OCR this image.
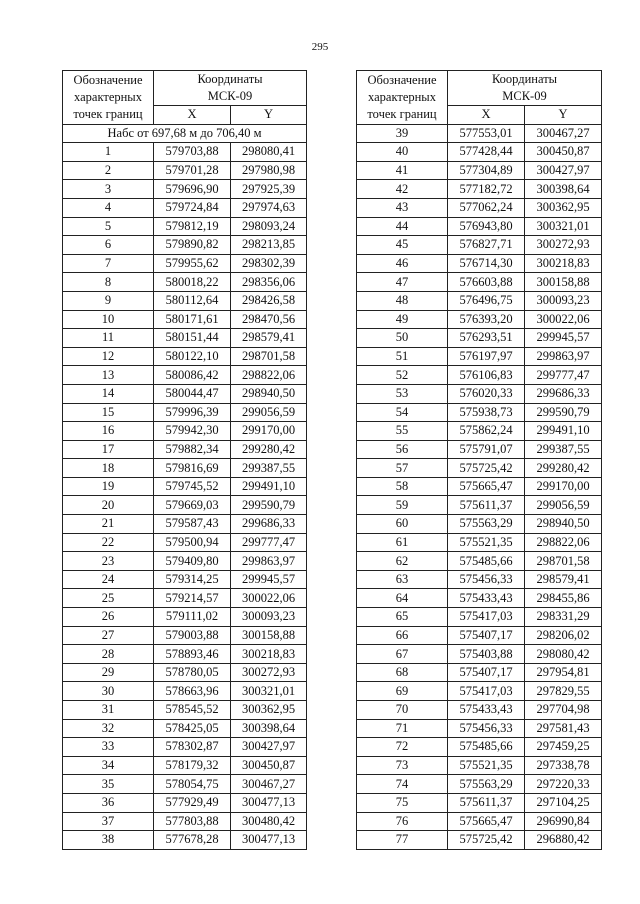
295
Обозначение
характерных
точек границ	Координаты
МСК-09	
	X	Y
Набс от 697,68 м до 706,40 м		
1	579703,88	298080,41
2	579701,28	297980,98
3	579696,90	297925,39
4	579724,84	297974,63
5	579812,19	298093,24
6	579890,82	298213,85
7	579955,62	298302,39
8	580018,22	298356,06
9	580112,64	298426,58
10	580171,61	298470,56
11	580151,44	298579,41
12	580122,10	298701,58
13	580086,42	298822,06
14	580044,47	298940,50
15	579996,39	299056,59
16	579942,30	299170,00
17	579882,34	299280,42
18	579816,69	299387,55
19	579745,52	299491,10
20	579669,03	299590,79
21	579587,43	299686,33
22	579500,94	299777,47
23	579409,80	299863,97
24	579314,25	299945,57
25	579214,57	300022,06
26	579111,02	300093,23
27	579003,88	300158,88
28	578893,46	300218,83
29	578780,05	300272,93
30	578663,96	300321,01
31	578545,52	300362,95
32	578425,05	300398,64
33	578302,87	300427,97
34	578179,32	300450,87
35	578054,75	300467,27
36	577929,49	300477,13
37	577803,88	300480,42
38	577678,28	300477,13
Обозначение
характерных
точек границ	Координаты
МСК-09	
	X	Y
39	577553,01	300467,27
40	577428,44	300450,87
41	577304,89	300427,97
42	577182,72	300398,64
43	577062,24	300362,95
44	576943,80	300321,01
45	576827,71	300272,93
46	576714,30	300218,83
47	576603,88	300158,88
48	576496,75	300093,23
49	576393,20	300022,06
50	576293,51	299945,57
51	576197,97	299863,97
52	576106,83	299777,47
53	576020,33	299686,33
54	575938,73	299590,79
55	575862,24	299491,10
56	575791,07	299387,55
57	575725,42	299280,42
58	575665,47	299170,00
59	575611,37	299056,59
60	575563,29	298940,50
61	575521,35	298822,06
62	575485,66	298701,58
63	575456,33	298579,41
64	575433,43	298455,86
65	575417,03	298331,29
66	575407,17	298206,02
67	575403,88	298080,42
68	575407,17	297954,81
69	575417,03	297829,55
70	575433,43	297704,98
71	575456,33	297581,43
72	575485,66	297459,25
73	575521,35	297338,78
74	575563,29	297220,33
75	575611,37	297104,25
76	575665,47	296990,84
77	575725,42	296880,42
